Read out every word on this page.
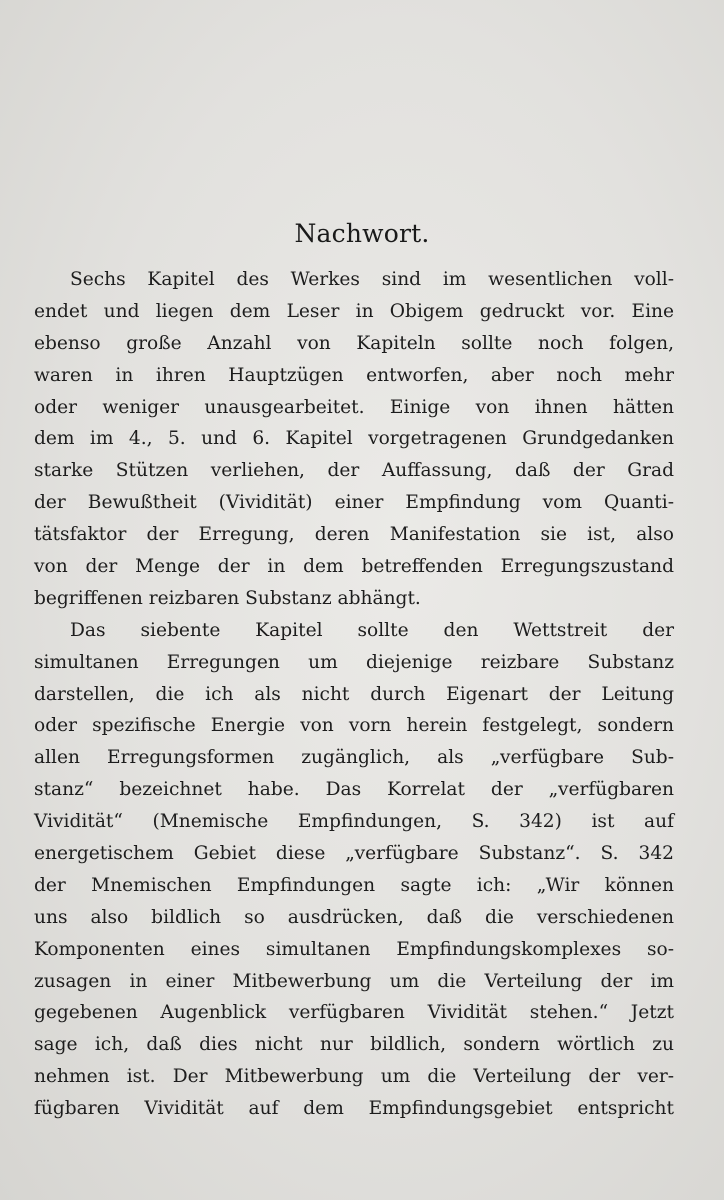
Nachwort.
Sechs Kapitel des Werkes sind im wesentlichen voll-
endet und liegen dem Leser in Obigem gedruckt vor. Eine
ebenso große Anzahl von Kapiteln sollte noch folgen,
waren in ihren Hauptzügen entworfen, aber noch mehr
oder weniger unausgearbeitet. Einige von ihnen hätten
dem im 4., 5. und 6. Kapitel vorgetragenen Grundgedanken
starke Stützen verliehen, der Auffassung, daß der Grad
der Bewußtheit (Vividität) einer Empfindung vom Quanti-
tätsfaktor der Erregung, deren Manifestation sie ist, also
von der Menge der in dem betreffenden Erregungszustand
begriffenen reizbaren Substanz abhängt.
Das siebente Kapitel sollte den Wettstreit der
simultanen Erregungen um diejenige reizbare Substanz
darstellen, die ich als nicht durch Eigenart der Leitung
oder spezifische Energie von vorn herein festgelegt, sondern
allen Erregungsformen zugänglich, als „verfügbare Sub-
stanz“ bezeichnet habe. Das Korrelat der „verfügbaren
Vividität“ (Mnemische Empfindungen, S. 342) ist auf
energetischem Gebiet diese „verfügbare Substanz“. S. 342
der Mnemischen Empfindungen sagte ich: „Wir können
uns also bildlich so ausdrücken, daß die verschiedenen
Komponenten eines simultanen Empfindungskomplexes so-
zusagen in einer Mitbewerbung um die Verteilung der im
gegebenen Augenblick verfügbaren Vividität stehen.“ Jetzt
sage ich, daß dies nicht nur bildlich, sondern wörtlich zu
nehmen ist. Der Mitbewerbung um die Verteilung der ver-
fügbaren Vividität auf dem Empfindungsgebiet entspricht
